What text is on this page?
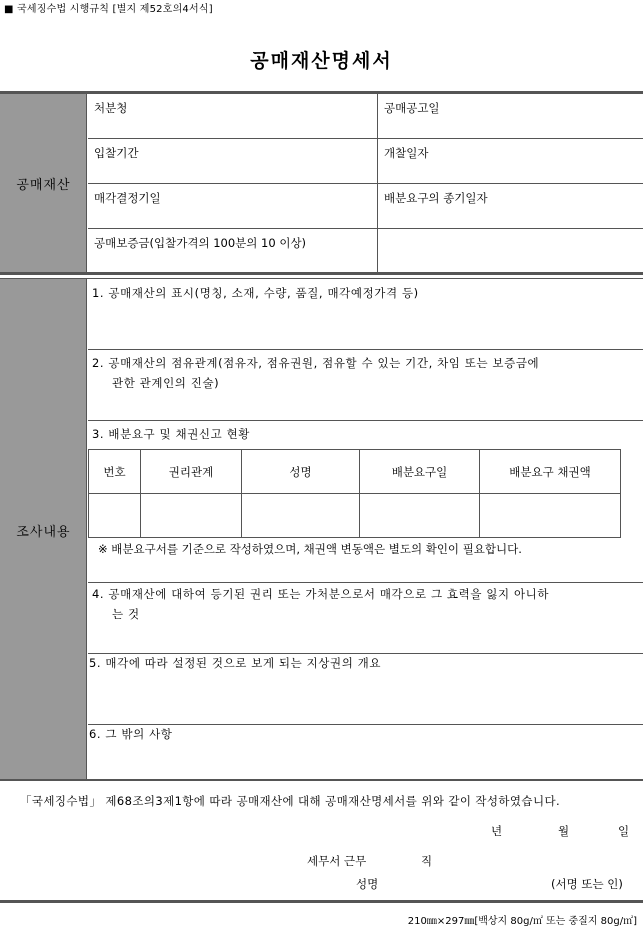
■ 국세징수법 시행규칙 [별지 제52호의4서식]
공매재산명세서
공매재산
처분청	공매공고일
입찰기간	개찰일자
매각결정기일	배분요구의 종기일자
공매보증금(입찰가격의 100분의 10 이상)
조사내용
1. 공매재산의 표시(명칭, 소재, 수량, 품질, 매각예정가격 등)
2. 공매재산의 점유관계(점유자, 점유권원, 점유할 수 있는 기간, 차임 또는 보증금에
관한 관계인의 진술)
3. 배분요구 및 채권신고 현황
번호	권리관계	성명	배분요구일	배분요구 채권액

※ 배분요구서를 기준으로 작성하였으며, 채권액 변동액은 별도의 확인이 필요합니다.
4. 공매재산에 대하여 등기된 권리 또는 가처분으로서 매각으로 그 효력을 잃지 아니하
는 것
5. 매각에 따라 설정된 것으로 보게 되는 지상권의 개요
6. 그 밖의 사항
「국세징수법」 제68조의3제1항에 따라 공매재산에 대해 공매재산명세서를 위와 같이 작성하였습니다.
년	월	일
세무서 근무	직
성명	(서명 또는 인)
210㎜×297㎜[백상지 80g/㎡ 또는 중질지 80g/㎡]
